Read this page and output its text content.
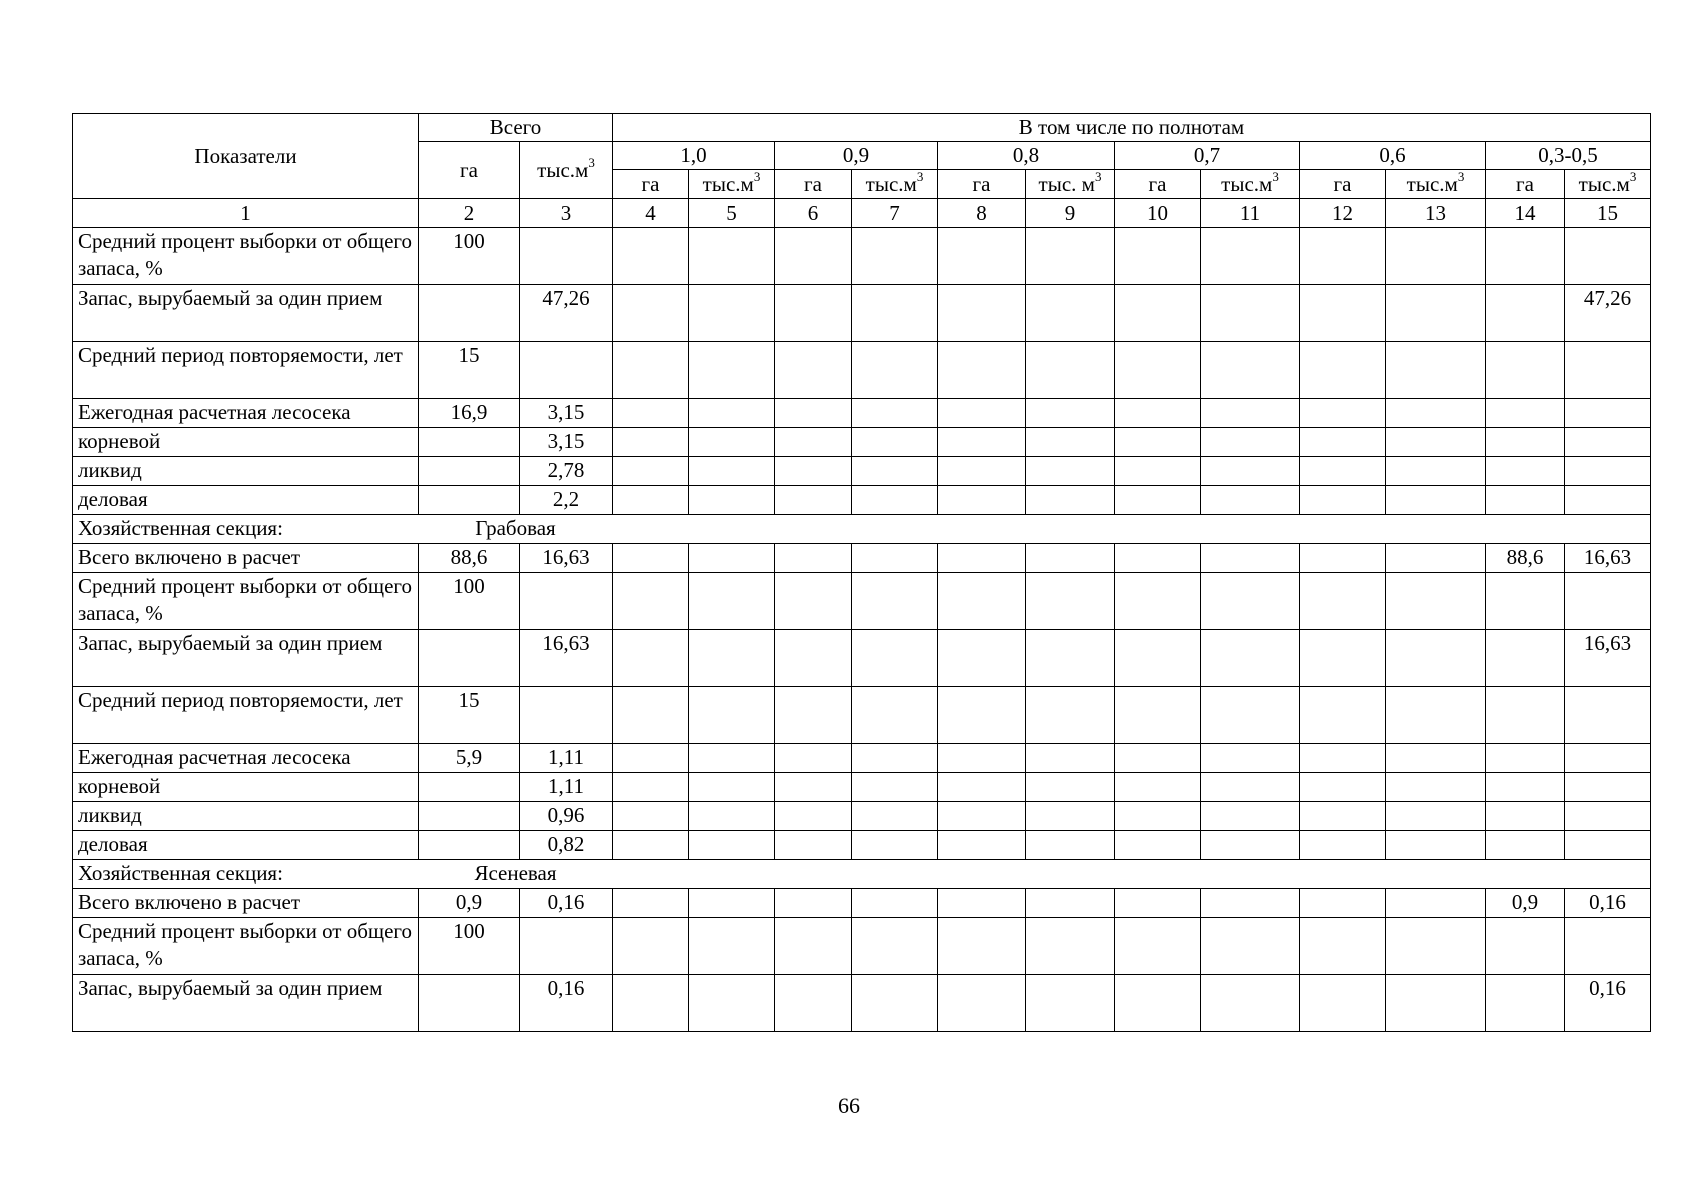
Показатели	Всего		В том числе по полнотам											
	га	$тыс.м^3$	1,0		0,9		0,8		0,7		0,6		0,3-0,5	
			га	$тыс.м^3$	га	$тыс.м^3$	га	тыс. $м^3$	га	$тыс.м^3$	га	$тыс.м^3$	га	$тыс.м^3$
1	2	3	4	5	6	7	8	9	10	11	12	13	14	15
Средний процент выборки от общего запаса, %	100													
Запас, вырубаемый за один прием		47,26												47,26
Средний период повторяемости, лет	15													
Ежегодная расчетная лесосека	16,9	3,15												
корневой		3,15												
ликвид		2,78												
деловая		2,2												
Хозяйственная секция:	Грабовая													
Всего включено в расчет	88,6	16,63											88,6	16,63
Средний процент выборки от общего запаса, %	100													
Запас, вырубаемый за один прием		16,63												16,63
Средний период повторяемости, лет	15													
Ежегодная расчетная лесосека	5,9	1,11												
корневой		1,11												
ликвид		0,96												
деловая		0,82												
Хозяйственная секция:	Ясеневая													
Всего включено в расчет	0,9	0,16											0,9	0,16
Средний процент выборки от общего запаса, %	100													
Запас, вырубаемый за один прием		0,16												0,16
66
